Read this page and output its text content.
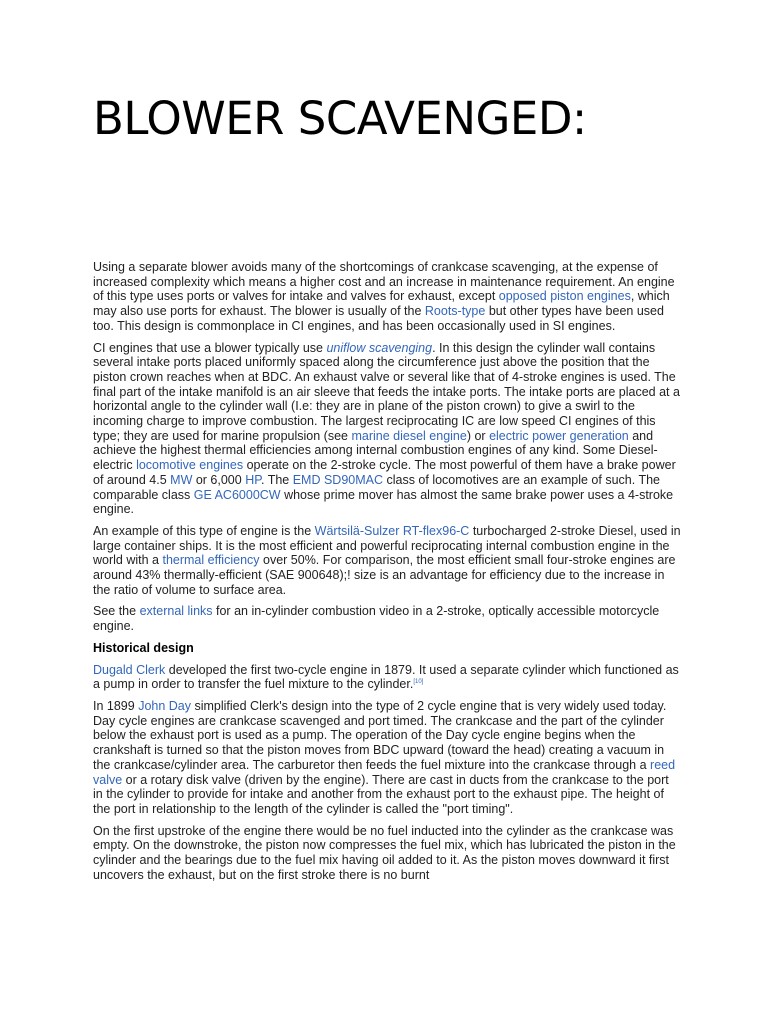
BLOWER SCAVENGED:

Using a separate blower avoids many of the shortcomings of crankcase scavenging, at the expense of increased complexity which means a higher cost and an increase in maintenance requirement. An engine of this type uses ports or valves for intake and valves for exhaust, except opposed piston engines, which may also use ports for exhaust. The blower is usually of the Roots-type but other types have been used too. This design is commonplace in CI engines, and has been occasionally used in SI engines.

CI engines that use a blower typically use uniflow scavenging. In this design the cylinder wall contains several intake ports placed uniformly spaced along the circumference just above the position that the piston crown reaches when at BDC. An exhaust valve or several like that of 4-stroke engines is used. The final part of the intake manifold is an air sleeve that feeds the intake ports. The intake ports are placed at a horizontal angle to the cylinder wall (I.e: they are in plane of the piston crown) to give a swirl to the incoming charge to improve combustion. The largest reciprocating IC are low speed CI engines of this type; they are used for marine propulsion (see marine diesel engine) or electric power generation and achieve the highest thermal efficiencies among internal combustion engines of any kind. Some Diesel-electric locomotive engines operate on the 2-stroke cycle. The most powerful of them have a brake power of around 4.5 MW or 6,000 HP. The EMD SD90MAC class of locomotives are an example of such. The comparable class GE AC6000CW whose prime mover has almost the same brake power uses a 4-stroke engine.

An example of this type of engine is the Wärtsilä-Sulzer RT-flex96-C turbocharged 2-stroke Diesel, used in large container ships. It is the most efficient and powerful reciprocating internal combustion engine in the world with a thermal efficiency over 50%. For comparison, the most efficient small four-stroke engines are around 43% thermally-efficient (SAE 900648);! size is an advantage for efficiency due to the increase in the ratio of volume to surface area.

See the external links for an in-cylinder combustion video in a 2-stroke, optically accessible motorcycle engine.

Historical design

Dugald Clerk developed the first two-cycle engine in 1879. It used a separate cylinder which functioned as a pump in order to transfer the fuel mixture to the cylinder.[10]

In 1899 John Day simplified Clerk's design into the type of 2 cycle engine that is very widely used today. Day cycle engines are crankcase scavenged and port timed. The crankcase and the part of the cylinder below the exhaust port is used as a pump. The operation of the Day cycle engine begins when the crankshaft is turned so that the piston moves from BDC upward (toward the head) creating a vacuum in the crankcase/cylinder area. The carburetor then feeds the fuel mixture into the crankcase through a reed valve or a rotary disk valve (driven by the engine). There are cast in ducts from the crankcase to the port in the cylinder to provide for intake and another from the exhaust port to the exhaust pipe. The height of the port in relationship to the length of the cylinder is called the "port timing".

On the first upstroke of the engine there would be no fuel inducted into the cylinder as the crankcase was empty. On the downstroke, the piston now compresses the fuel mix, which has lubricated the piston in the cylinder and the bearings due to the fuel mix having oil added to it. As the piston moves downward it first uncovers the exhaust, but on the first stroke there is no burnt
